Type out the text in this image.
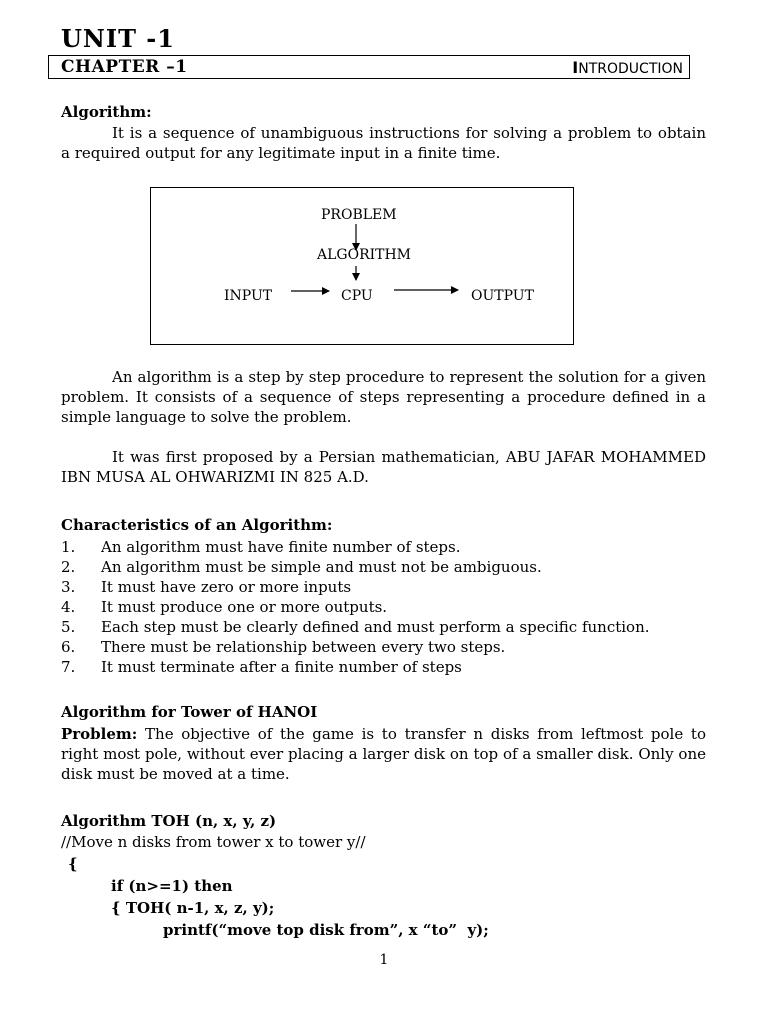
UNIT -1
CHAPTER –1	INTRODUCTION

Algorithm:

It is a sequence of unambiguous instructions for solving a problem to obtain a required output for any legitimate input in a finite time.

PROBLEM
ALGORITHM
INPUT	CPU	OUTPUT

An algorithm is a step by step procedure to represent the solution for a given problem. It consists of a sequence of steps representing a procedure defined in a simple language to solve the problem.

It was first proposed by a Persian mathematician, ABU JAFAR MOHAMMED IBN MUSA AL OHWARIZMI IN 825 A.D.

Characteristics of an Algorithm:

1. An algorithm must have finite number of steps.
2. An algorithm must be simple and must not be ambiguous.
3. It must have zero or more inputs
4. It must produce one or more outputs.
5. Each step must be clearly defined and must perform a specific function.
6. There must be relationship between every two steps.
7. It must terminate after a finite number of steps

Algorithm for Tower of HANOI

Problem: The objective of the game is to transfer n disks from leftmost pole to right most pole, without ever placing a larger disk on top of a smaller disk. Only one disk must be moved at a time.

Algorithm TOH (n, x, y, z)

//Move n disks from tower x to tower y//

{
if (n>=1) then
{ TOH( n-1, x, z, y);
printf(“move top disk from”, x “to”  y);
1
